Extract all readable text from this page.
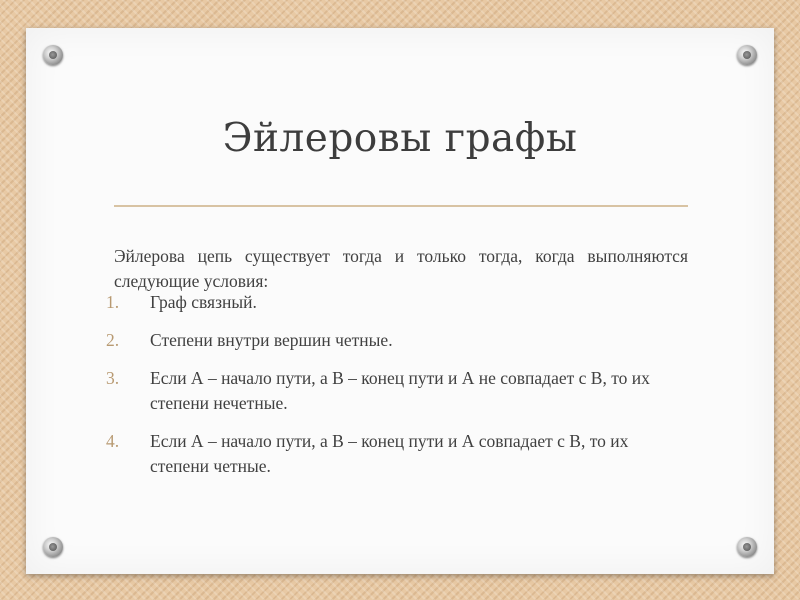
Эйлеровы графы

Эйлерова цепь существует тогда и только тогда, когда выполняются следующие условия:

1. Граф связный.
2. Степени внутри вершин четные.
3. Если А – начало пути, а В – конец пути и А не совпадает с В, то их степени нечетные.
4. Если А – начало пути, а В – конец пути и А совпадает с В, то их степени четные.
